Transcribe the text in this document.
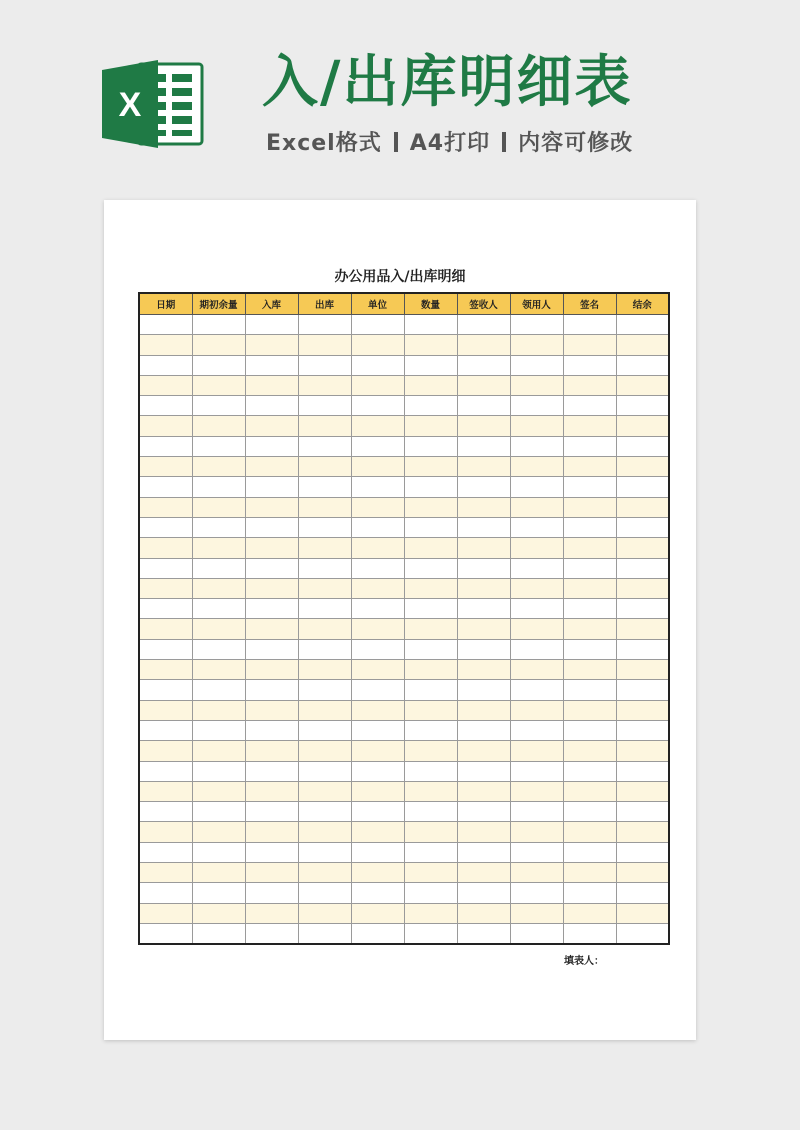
X 入/出库明细表
Excel格式 A4打印 内容可修改
办公用品入/出库明细
日期	期初余量	入库	出库	单位	数量	签收人	领用人	签名	结余

填表人：
